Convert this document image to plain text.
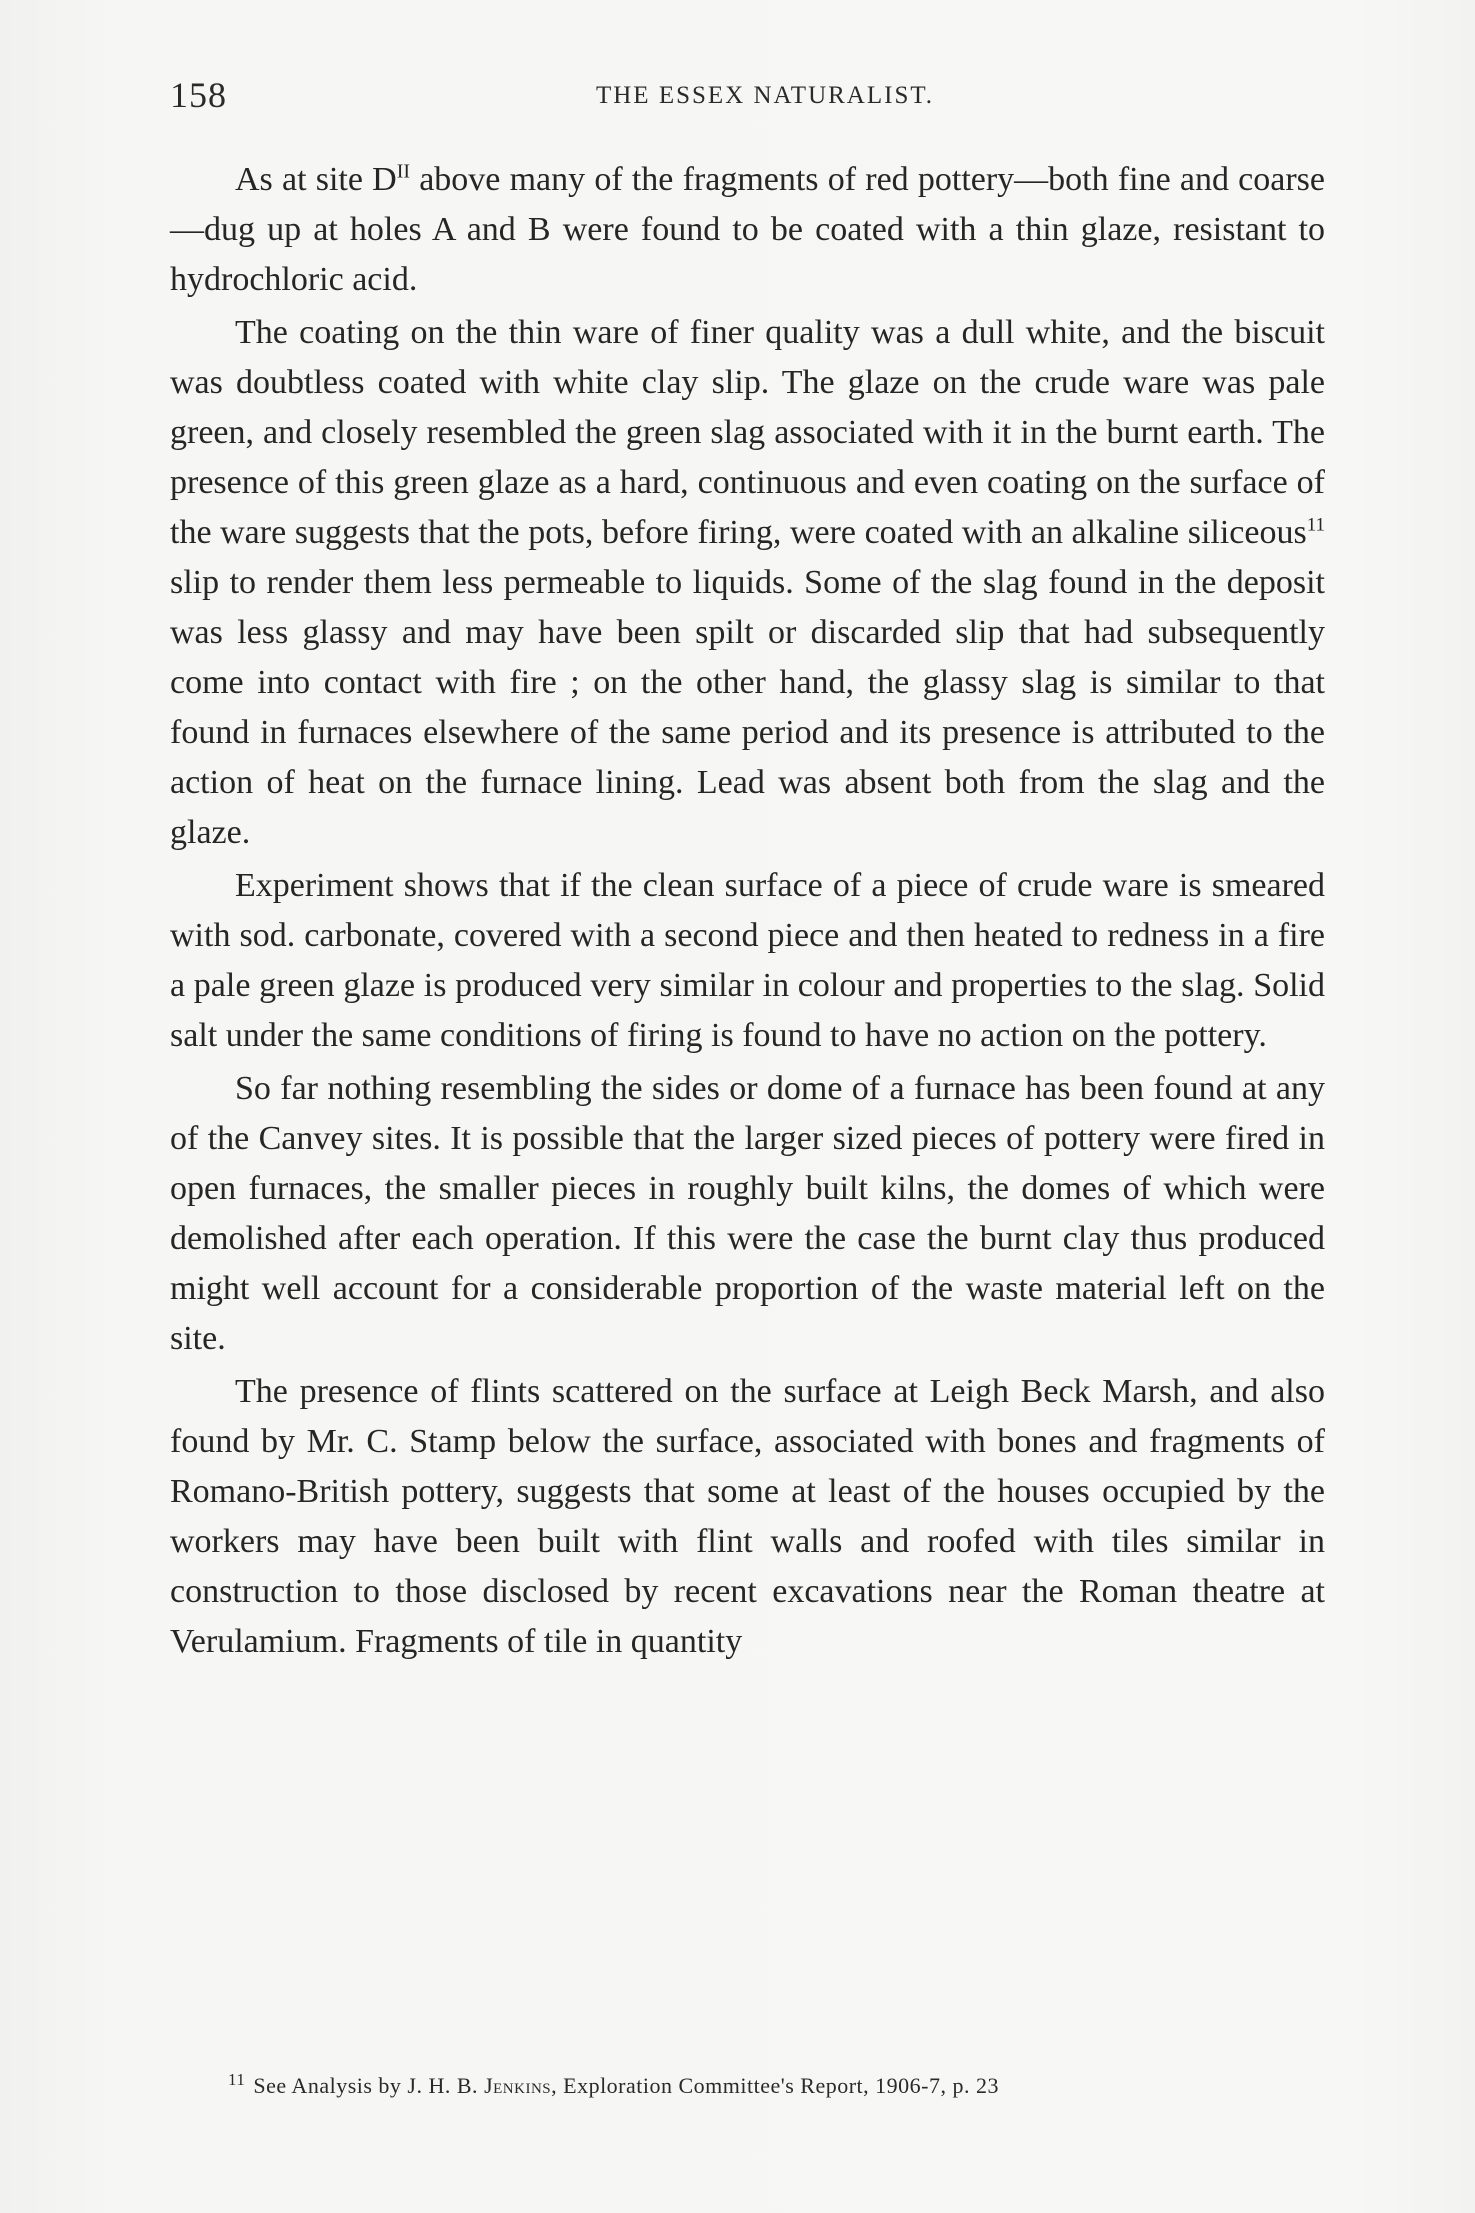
158	THE ESSEX NATURALIST.

As at site $D^{II}$ above many of the fragments of red pottery—both fine and coarse—dug up at holes A and B were found to be coated with a thin glaze, resistant to hydrochloric acid.

The coating on the thin ware of finer quality was a dull white, and the biscuit was doubtless coated with white clay slip. The glaze on the crude ware was pale green, and closely resembled the green slag associated with it in the burnt earth. The presence of this green glaze as a hard, continuous and even coating on the surface of the ware suggests that the pots, before firing, were coated with an alkaline siliceous$^{11}$ slip to render them less permeable to liquids. Some of the slag found in the deposit was less glassy and may have been spilt or discarded slip that had subsequently come into contact with fire ; on the other hand, the glassy slag is similar to that found in furnaces elsewhere of the same period and its presence is attributed to the action of heat on the furnace lining. Lead was absent both from the slag and the glaze.

Experiment shows that if the clean surface of a piece of crude ware is smeared with sod. carbonate, covered with a second piece and then heated to redness in a fire a pale green glaze is produced very similar in colour and properties to the slag. Solid salt under the same conditions of firing is found to have no action on the pottery.

So far nothing resembling the sides or dome of a furnace has been found at any of the Canvey sites. It is possible that the larger sized pieces of pottery were fired in open furnaces, the smaller pieces in roughly built kilns, the domes of which were demolished after each operation. If this were the case the burnt clay thus produced might well account for a considerable proportion of the waste material left on the site.

The presence of flints scattered on the surface at Leigh Beck Marsh, and also found by Mr. C. Stamp below the surface, associated with bones and fragments of Romano-British pottery, suggests that some at least of the houses occupied by the workers may have been built with flint walls and roofed with tiles similar in construction to those disclosed by recent excavations near the Roman theatre at Verulamium. Fragments of tile in quantity

$^{11}$ See Analysis by J. H. B. Jenkins, Exploration Committee's Report, 1906-7, p. 23
